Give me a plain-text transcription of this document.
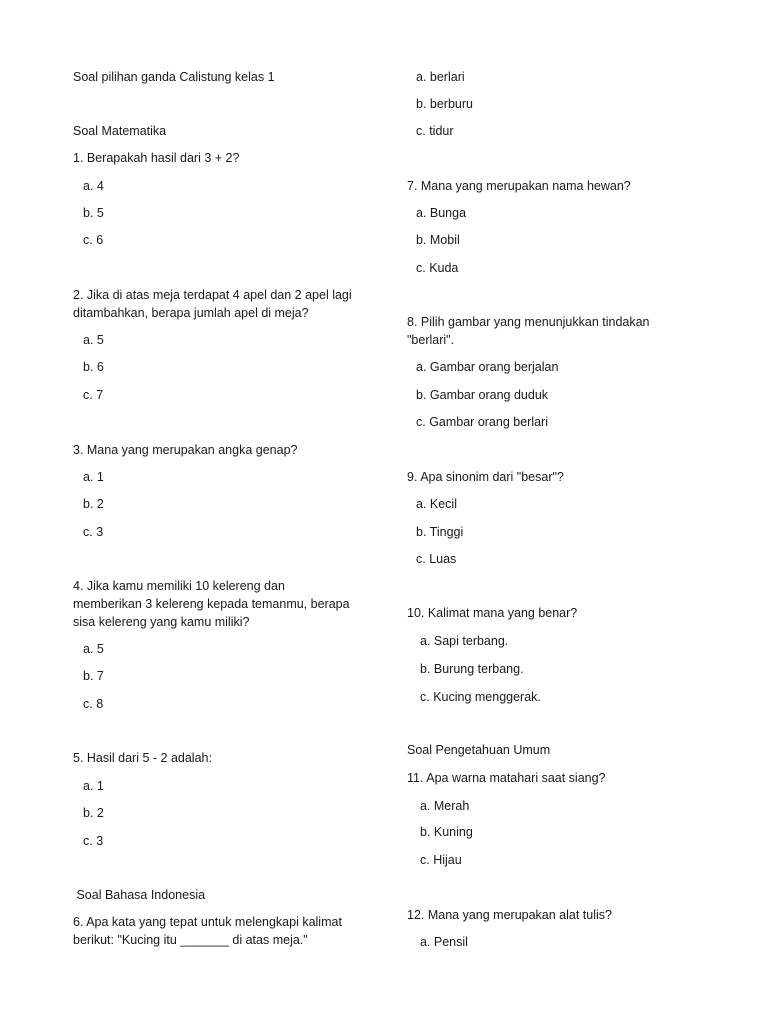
Soal pilihan ganda Calistung kelas 1
Soal Matematika
1. Berapakah hasil dari 3 + 2?
a. 4
b. 5
c. 6
2. Jika di atas meja terdapat 4 apel dan 2 apel lagi
ditambahkan, berapa jumlah apel di meja?
a. 5
b. 6
c. 7
3. Mana yang merupakan angka genap?
a. 1
b. 2
c. 3
4. Jika kamu memiliki 10 kelereng dan
memberikan 3 kelereng kepada temanmu, berapa
sisa kelereng yang kamu miliki?
a. 5
b. 7
c. 8
5. Hasil dari 5 - 2 adalah:
a. 1
b. 2
c. 3
Soal Bahasa Indonesia
6. Apa kata yang tepat untuk melengkapi kalimat
berikut: "Kucing itu _______ di atas meja."
a. berlari
b. berburu
c. tidur
7. Mana yang merupakan nama hewan?
a. Bunga
b. Mobil
c. Kuda
8. Pilih gambar yang menunjukkan tindakan
"berlari".
a. Gambar orang berjalan
b. Gambar orang duduk
c. Gambar orang berlari
9. Apa sinonim dari "besar"?
a. Kecil
b. Tinggi
c. Luas
10. Kalimat mana yang benar?
a. Sapi terbang.
b. Burung terbang.
c. Kucing menggerak.
Soal Pengetahuan Umum
11. Apa warna matahari saat siang?
a. Merah
b. Kuning
c. Hijau
12. Mana yang merupakan alat tulis?
a. Pensil
